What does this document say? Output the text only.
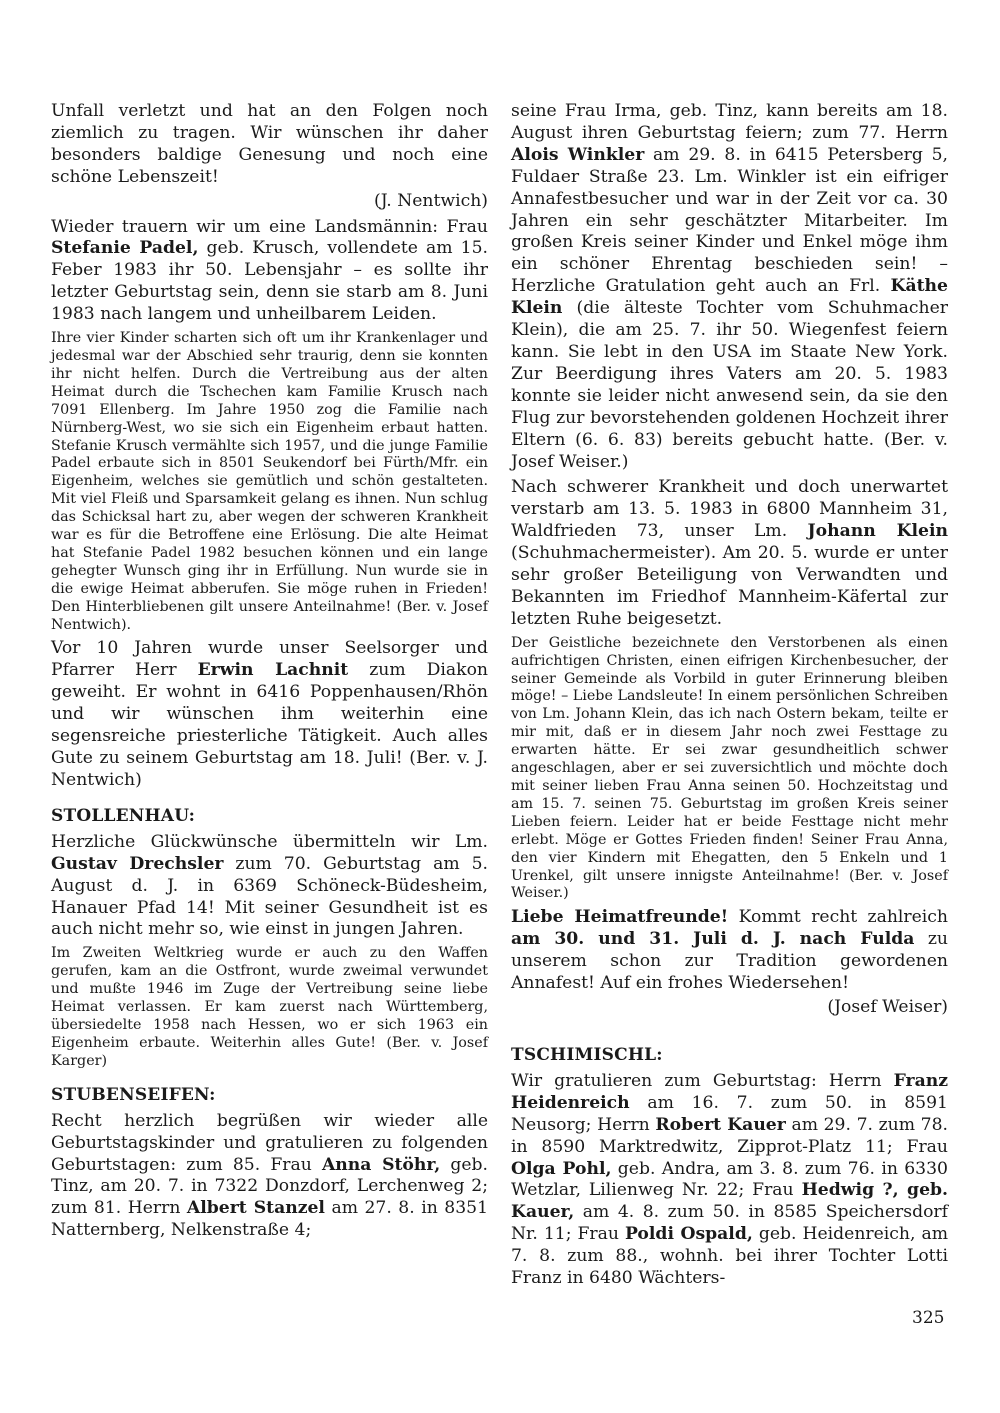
Unfall verletzt und hat an den Folgen noch ziemlich zu tragen. Wir wünschen ihr daher besonders baldige Genesung und noch eine schöne Lebenszeit!

(J. Nentwich)

Wieder trauern wir um eine Landsmännin: Frau Stefanie Padel, geb. Krusch, vollendete am 15. Feber 1983 ihr 50. Lebensjahr – es sollte ihr letzter Geburtstag sein, denn sie starb am 8. Juni 1983 nach langem und unheilbarem Leiden.

Ihre vier Kinder scharten sich oft um ihr Krankenlager und jedesmal war der Abschied sehr traurig, denn sie konnten ihr nicht helfen. Durch die Vertreibung aus der alten Heimat durch die Tschechen kam Familie Krusch nach 7091 Ellenberg. Im Jahre 1950 zog die Familie nach Nürnberg-West, wo sie sich ein Eigenheim erbaut hatten. Stefanie Krusch vermählte sich 1957, und die junge Familie Padel erbaute sich in 8501 Seukendorf bei Fürth/Mfr. ein Eigenheim, welches sie gemütlich und schön gestalteten. Mit viel Fleiß und Sparsamkeit gelang es ihnen. Nun schlug das Schicksal hart zu, aber wegen der schweren Krankheit war es für die Betroffene eine Erlösung. Die alte Heimat hat Stefanie Padel 1982 besuchen können und ein lange gehegter Wunsch ging ihr in Erfüllung. Nun wurde sie in die ewige Heimat abberufen. Sie möge ruhen in Frieden! Den Hinterbliebenen gilt unsere Anteilnahme! (Ber. v. Josef Nentwich).

Vor 10 Jahren wurde unser Seelsorger und Pfarrer Herr Erwin Lachnit zum Diakon geweiht. Er wohnt in 6416 Poppenhausen/Rhön und wir wünschen ihm weiterhin eine segensreiche priesterliche Tätigkeit. Auch alles Gute zu seinem Geburtstag am 18. Juli! (Ber. v. J. Nentwich)

STOLLENHAU:

Herzliche Glückwünsche übermitteln wir Lm. Gustav Drechsler zum 70. Geburtstag am 5. August d. J. in 6369 Schöneck-Büdesheim, Hanauer Pfad 14! Mit seiner Gesundheit ist es auch nicht mehr so, wie einst in jungen Jahren.

Im Zweiten Weltkrieg wurde er auch zu den Waffen gerufen, kam an die Ostfront, wurde zweimal verwundet und mußte 1946 im Zuge der Vertreibung seine liebe Heimat verlassen. Er kam zuerst nach Württemberg, übersiedelte 1958 nach Hessen, wo er sich 1963 ein Eigenheim erbaute. Weiterhin alles Gute! (Ber. v. Josef Karger)

STUBENSEIFEN:

Recht herzlich begrüßen wir wieder alle Geburtstagskinder und gratulieren zu folgenden Geburtstagen: zum 85. Frau Anna Stöhr, geb. Tinz, am 20. 7. in 7322 Donzdorf, Lerchenweg 2; zum 81. Herrn Albert Stanzel am 27. 8. in 8351 Natternberg, Nelkenstraße 4;

seine Frau Irma, geb. Tinz, kann bereits am 18. August ihren Geburtstag feiern; zum 77. Herrn Alois Winkler am 29. 8. in 6415 Petersberg 5, Fuldaer Straße 23. Lm. Winkler ist ein eifriger Annafestbesucher und war in der Zeit vor ca. 30 Jahren ein sehr geschätzter Mitarbeiter. Im großen Kreis seiner Kinder und Enkel möge ihm ein schöner Ehrentag beschieden sein! – Herzliche Gratulation geht auch an Frl. Käthe Klein (die älteste Tochter vom Schuhmacher Klein), die am 25. 7. ihr 50. Wiegenfest feiern kann. Sie lebt in den USA im Staate New York. Zur Beerdigung ihres Vaters am 20. 5. 1983 konnte sie leider nicht anwesend sein, da sie den Flug zur bevorstehenden goldenen Hochzeit ihrer Eltern (6. 6. 83) bereits gebucht hatte. (Ber. v. Josef Weiser.)

Nach schwerer Krankheit und doch unerwartet verstarb am 13. 5. 1983 in 6800 Mannheim 31, Waldfrieden 73, unser Lm. Johann Klein (Schuhmachermeister). Am 20. 5. wurde er unter sehr großer Beteiligung von Verwandten und Bekannten im Friedhof Mannheim-Käfertal zur letzten Ruhe beigesetzt.

Der Geistliche bezeichnete den Verstorbenen als einen aufrichtigen Christen, einen eifrigen Kirchenbesucher, der seiner Gemeinde als Vorbild in guter Erinnerung bleiben möge! – Liebe Landsleute! In einem persönlichen Schreiben von Lm. Johann Klein, das ich nach Ostern bekam, teilte er mir mit, daß er in diesem Jahr noch zwei Festtage zu erwarten hätte. Er sei zwar gesundheitlich schwer angeschlagen, aber er sei zuversichtlich und möchte doch mit seiner lieben Frau Anna seinen 50. Hochzeitstag und am 15. 7. seinen 75. Geburtstag im großen Kreis seiner Lieben feiern. Leider hat er beide Festtage nicht mehr erlebt. Möge er Gottes Frieden finden! Seiner Frau Anna, den vier Kindern mit Ehegatten, den 5 Enkeln und 1 Urenkel, gilt unsere innigste Anteilnahme! (Ber. v. Josef Weiser.)

Liebe Heimatfreunde! Kommt recht zahlreich am 30. und 31. Juli d. J. nach Fulda zu unserem schon zur Tradition gewordenen Annafest! Auf ein frohes Wiedersehen!

(Josef Weiser)

TSCHIMISCHL:

Wir gratulieren zum Geburtstag: Herrn Franz Heidenreich am 16. 7. zum 50. in 8591 Neusorg; Herrn Robert Kauer am 29. 7. zum 78. in 8590 Marktredwitz, Zipprot-Platz 11; Frau Olga Pohl, geb. Andra, am 3. 8. zum 76. in 6330 Wetzlar, Lilienweg Nr. 22; Frau Hedwig ?, geb. Kauer, am 4. 8. zum 50. in 8585 Speichersdorf Nr. 11; Frau Poldi Ospald, geb. Heidenreich, am 7. 8. zum 88., wohnh. bei ihrer Tochter Lotti Franz in 6480 Wächters-

325
